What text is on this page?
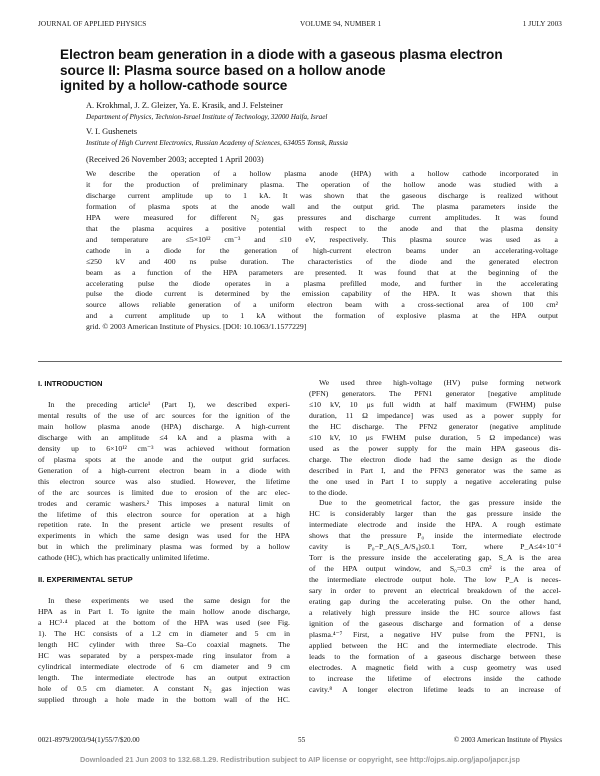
JOURNAL OF APPLIED PHYSICS	VOLUME 94, NUMBER 1	1 JULY 2003
Electron beam generation in a diode with a gaseous plasma electron
source II: Plasma source based on a hollow anode
ignited by a hollow-cathode source
A. Krokhmal, J. Z. Gleizer, Ya. E. Krasik, and J. Felsteiner
Department of Physics, Technion-Israel Institute of Technology, 32000 Haifa, Israel
V. I. Gushenets
Institute of High Current Electronics, Russian Academy of Sciences, 634055 Tomsk, Russia
(Received 26 November 2003; accepted 1 April 2003)
We describe the operation of a hollow plasma anode (HPA) with a hollow cathode incorporated in
it for the production of preliminary plasma. The operation of the hollow anode was studied with a
discharge current amplitude up to 1 kA. It was shown that the gaseous discharge is realized without
formation of plasma spots at the anode wall and the output grid. The plasma parameters inside the
HPA were measured for different N₂ gas pressures and discharge current amplitudes. It was found
that the plasma acquires a positive potential with respect to the anode and that the plasma density
and temperature are ≤5×10¹² cm⁻³ and ≤10 eV, respectively. This plasma source was used as a
cathode in a diode for the generation of high-current electron beams under an accelerating-voltage
≤250 kV and 400 ns pulse duration. The characteristics of the diode and the generated electron
beam as a function of the HPA parameters are presented. It was found that at the beginning of the
accelerating pulse the diode operates in a plasma prefilled mode, and further in the accelerating
pulse the diode current is determined by the emission capability of the HPA. It was shown that this
source allows reliable generation of a uniform electron beam with a cross-sectional area of 100 cm²
and a current amplitude up to 1 kA without the formation of explosive plasma at the HPA output
grid. © 2003 American Institute of Physics. [DOI: 10.1063/1.1577229]
I. INTRODUCTION
In the preceding article¹ (Part I), we described experi-
mental results of the use of arc sources for the ignition of the
main hollow plasma anode (HPA) discharge. A high-current
discharge with an amplitude ≤4 kA and a plasma with a
density up to 6×10¹² cm⁻³ was achieved without formation
of plasma spots at the anode and the output grid surfaces.
Generation of a high-current electron beam in a diode with
this electron source was also studied. However, the lifetime
of the arc sources is limited due to erosion of the arc elec-
trodes and ceramic washers.² This imposes a natural limit on
the lifetime of this electron source for operation at a high
repetition rate. In the present article we present results of
experiments in which the same design was used for the HPA
but in which the preliminary plasma was formed by a hollow
cathode (HC), which has practically unlimited lifetime.
II. EXPERIMENTAL SETUP
In these experiments we used the same design for the
HPA as in Part I. To ignite the main hollow anode discharge,
a HC³·⁴ placed at the bottom of the HPA was used (see Fig.
1). The HC consists of a 1.2 cm in diameter and 5 cm in
length HC cylinder with three Sa–Co coaxial magnets. The
HC was separated by a perspex-made ring insulator from a
cylindrical intermediate electrode of 6 cm diameter and 9 cm
length. The intermediate electrode has an output extraction
hole of 0.5 cm diameter. A constant N₂ gas injection was
supplied through a hole made in the bottom wall of the HC.
We used three high-voltage (HV) pulse forming network
(PFN) generators. The PFN1 generator [negative amplitude
≤10 kV, 10 μs full width at half maximum (FWHM) pulse
duration, 11 Ω impedance] was used as a power supply for
the HC discharge. The PFN2 generator (negative amplitude
≤10 kV, 10 μs FWHM pulse duration, 5 Ω impedance) was
used as the power supply for the main HPA gaseous dis-
charge. The electron diode had the same design as the diode
described in Part I, and the PFN3 generator was the same as
the one used in Part I to supply a negative accelerating pulse
to the diode.
Due to the geometrical factor, the gas pressure inside the
HC is considerably larger than the gas pressure inside the
intermediate electrode and inside the HPA. A rough estimate
shows that the pressure P₀ inside the intermediate electrode
cavity is P₀−P_A(S_A/S₀)≤0.1 Torr, where P_A≤4×10⁻⁴
Torr is the pressure inside the accelerating gap, S_A is the area
of the HPA output window, and S₀=0.3 cm² is the area of
the intermediate electrode output hole. The low P_A is neces-
sary in order to prevent an electrical breakdown of the accel-
erating gap during the accelerating pulse. On the other hand,
a relatively high pressure inside the HC source allows fast
ignition of the gaseous discharge and formation of a dense
plasma.⁴⁻⁷ First, a negative HV pulse from the PFN1, is
applied between the HC and the intermediate electrode. This
leads to the formation of a gaseous discharge between these
electrodes. A magnetic field with a cusp geometry was used
to increase the lifetime of electrons inside the cathode
cavity.⁸ A longer electron lifetime leads to an increase of
0021-8979/2003/94(1)/55/7/$20.00	55	© 2003 American Institute of Physics
Downloaded 21 Jun 2003 to 132.68.1.29. Redistribution subject to AIP license or copyright, see http://ojps.aip.org/japo/japcr.jsp
